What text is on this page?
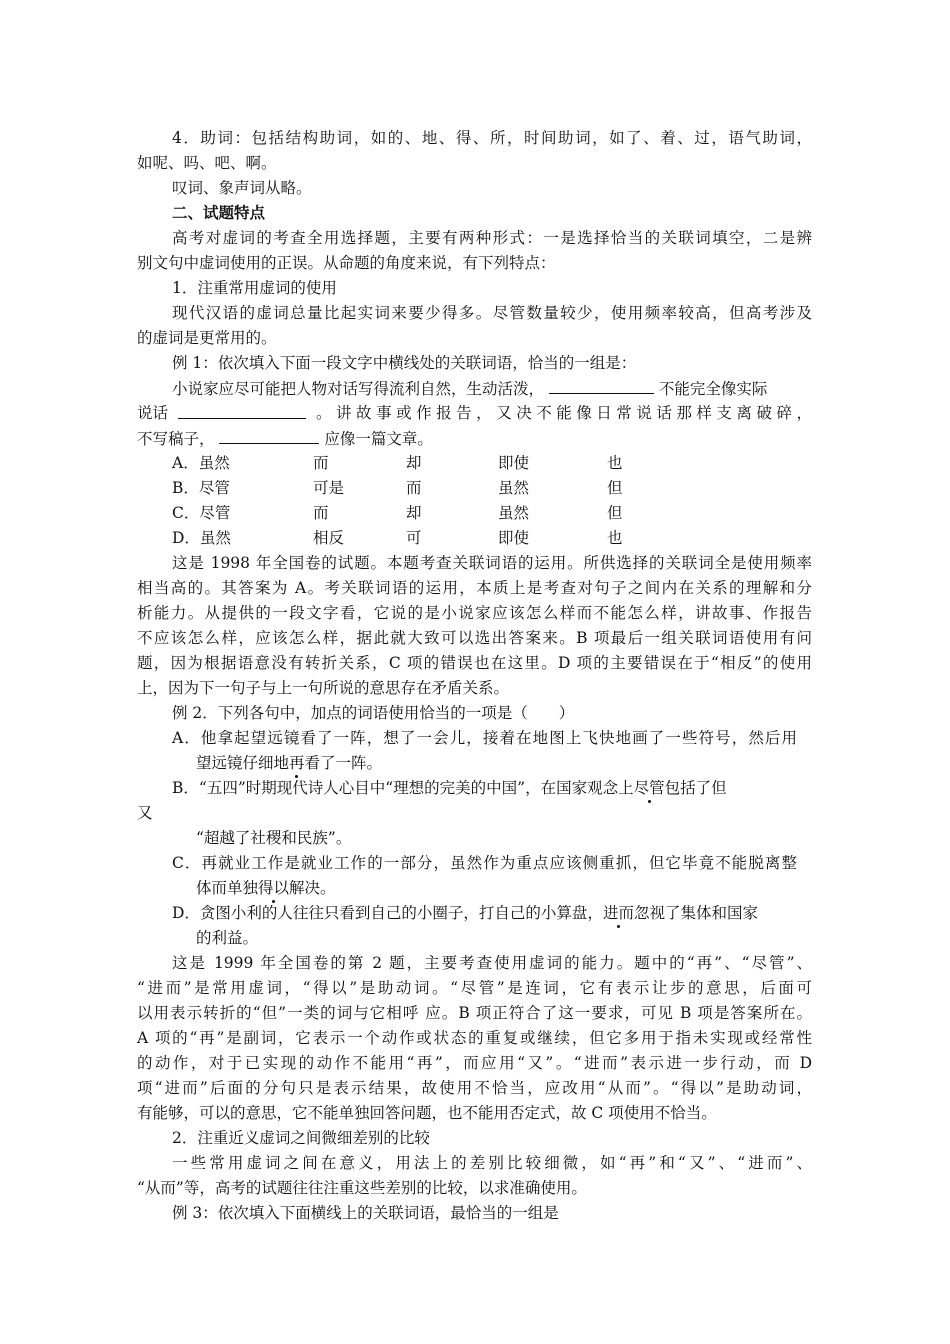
4．助词：包括结构助词，如的、地、得、所，时间助词，如了、着、过，语气助词，
如呢、吗、吧、啊。
叹词、象声词从略。
二、试题特点
高考对虚词的考查全用选择题，主要有两种形式：一是选择恰当的关联词填空，二是辨
别文句中虚词使用的正误。从命题的角度来说，有下列特点：
1．注重常用虚词的使用
现代汉语的虚词总量比起实词来要少得多。尽管数量较少，使用频率较高，但高考涉及
的虚词是更常用的。
例 1：依次填入下面一段文字中横线处的关联词语，恰当的一组是：
小说家应尽可能把人物对话写得流利自然，生动活泼，	不能完全像实际
说话	。讲故事或作报告，又决不能像日常说话那样支离破碎，
不写稿子，	应像一篇文章。
A．虽然	而	却	即使	也
B．尽管	可是	而	虽然	但
C．尽管	而	却	虽然	但
D．虽然	相反	可	即使	也
这是 1998 年全国卷的试题。本题考查关联词语的运用。所供选择的关联词全是使用频率
相当高的。其答案为 A。考关联词语的运用，本质上是考查对句子之间内在关系的理解和分
析能力。从提供的一段文字看，它说的是小说家应该怎么样而不能怎么样，讲故事、作报告
不应该怎么样，应该怎么样，据此就大致可以选出答案来。B 项最后一组关联词语使用有问
题，因为根据语意没有转折关系，C 项的错误也在这里。D 项的主要错误在于“相反”的使用
上，因为下一句子与上一句所说的意思存在矛盾关系。
例 2．下列各句中，加点的词语使用恰当的一项是（　　）
A．他拿起望远镜看了一阵，想了一会儿，接着在地图上飞快地画了一些符号，然后用
望远镜仔细地再看了一阵。
B．“五四”时期现代诗人心目中“理想的完美的中国”，在国家观念上尽管包括了但
又
“超越了社稷和民族”。
C．再就业工作是就业工作的一部分，虽然作为重点应该侧重抓，但它毕竟不能脱离整
体而单独得以解决。
D．贪图小利的人往往只看到自己的小圈子，打自己的小算盘，进而忽视了集体和国家
的利益。
这是 1999 年全国卷的第 2 题，主要考查使用虚词的能力。题中的“再”、“尽管”、
“进而”是常用虚词，“得以”是助动词。“尽管”是连词，它有表示让步的意思，后面可
以用表示转折的“但”一类的词与它相呼 应。B 项正符合了这一要求，可见 B 项是答案所在。
A 项的“再”是副词，它表示一个动作或状态的重复或继续，但它多用于指未实现或经常性
的动作，对于已实现的动作不能用“再”，而应用“又”。“进而”表示进一步行动，而 D
项“进而”后面的分句只是表示结果，故使用不恰当，应改用“从而”。“得以”是助动词，
有能够，可以的意思，它不能单独回答问题，也不能用否定式，故 C 项使用不恰当。
2．注重近义虚词之间微细差别的比较
一些常用虚词之间在意义，用法上的差别比较细微，如“再”和“又”、“进而”、
“从而”等，高考的试题往往注重这些差别的比较，以求准确使用。
例 3：依次填入下面横线上的关联词语，最恰当的一组是
